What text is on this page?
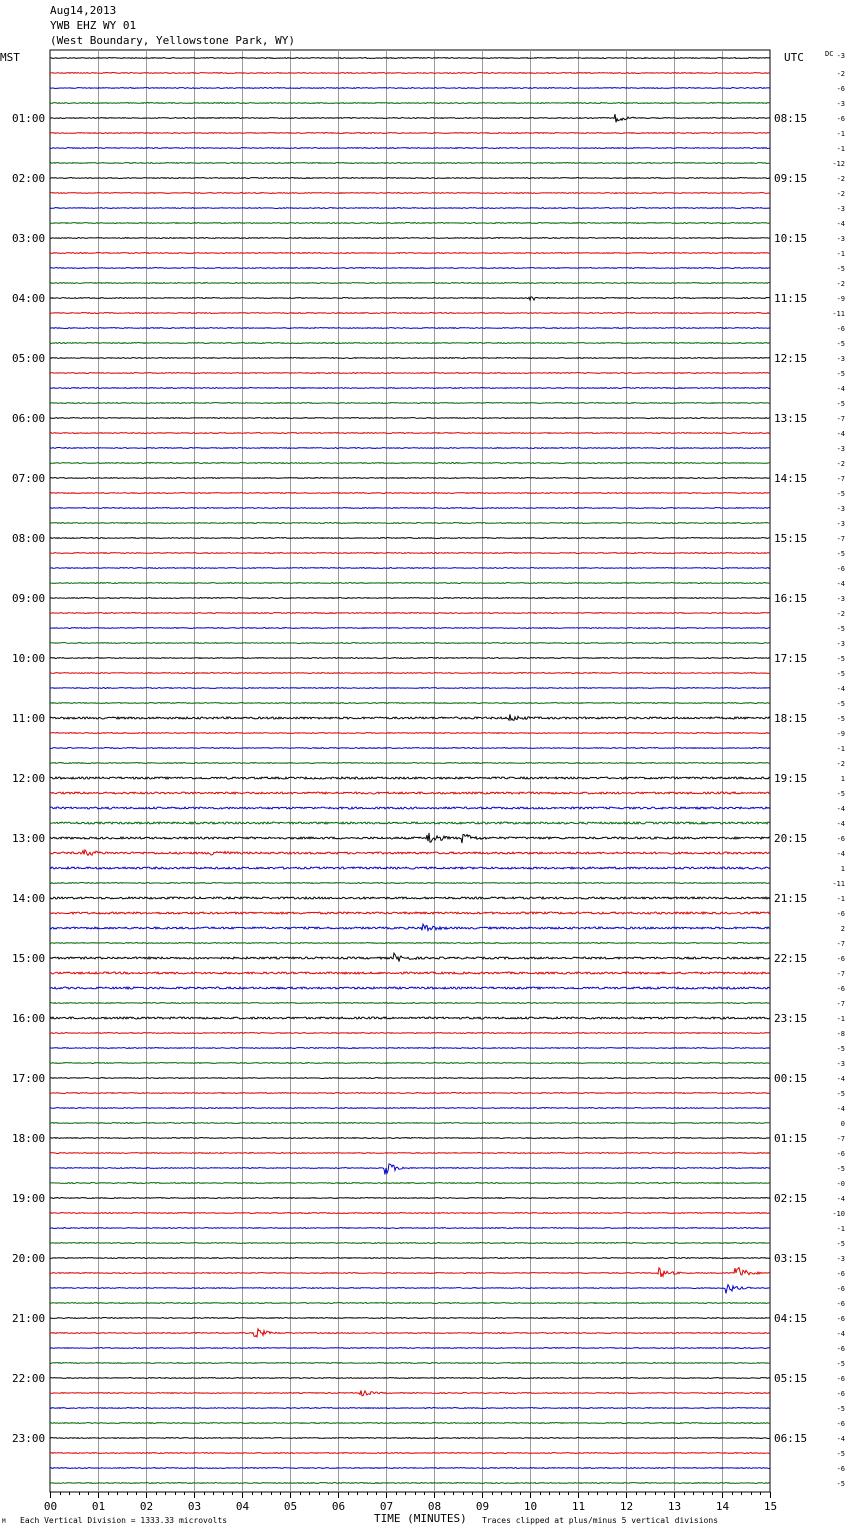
Aug14,2013
YWB EHZ WY 01
(West Boundary, Yellowstone Park, WY)
00	01	02	03	04	05	06	07	08	09	10	11	12	13	14	15
MST	UTC	DC -3
-2
-6
-3
-6
01:00	08:15
-1
-1
-12
-2
02:00	09:15
-2
-3
-4
-3
03:00	10:15
-1
-5
-2
-9
04:00	11:15
-11
-6
-5
-3
05:00	12:15
-5
-4
-5
-7
06:00	13:15
-4
-3
-2
-7
07:00	14:15
-5
-3
-3
-7
08:00	15:15
-5
-6
-4
-3
09:00	16:15
-2
-5
-3
-5
10:00	17:15
-5
-4
-5
-5
11:00	18:15
-9
-1
-2
1
12:00	19:15
-5
-4
-4
-6
13:00	20:15
-4
1
-11
-1
14:00	21:15
-6
2
-7
-6
15:00	22:15
-7
-6
-7
-1
16:00	23:15
-8
-5
-3
-4
17:00	00:15
-5
-4
0
-7
18:00	01:15
-6
-5
-0
-4
19:00	02:15
-10
-1
-5
-3
20:00	03:15
-6
-6
-6
-6
21:00	04:15
-4
-6
-5
-6
22:00	05:15
-6
-5
-6
-4
23:00	06:15
-5
-6
-5
M Each Vertical Division = 1333.33 microvolts	TIME (MINUTES) Traces clipped at plus/minus 5 vertical divisions
